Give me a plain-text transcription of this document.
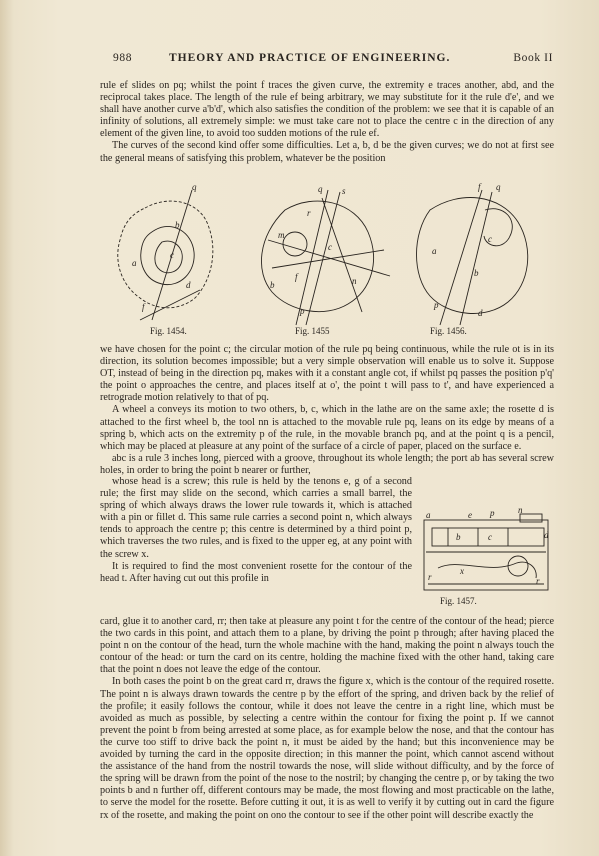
988	THEORY AND PRACTICE OF ENGINEERING.	Book II

rule ef slides on pq; whilst the point f traces the given curve, the extremity e traces another, abd, and the reciprocal takes place. The length of the rule ef being arbitrary, we may substitute for it the rule d'e', and we shall have another curve a'b'd', which also satisfies the condition of the problem: we see that it is capable of an infinity of solutions, all extremely simple: we must take care not to place the centre c in the direction of any element of the given line, to avoid too sudden motions of the rule ef.

The curves of the second kind offer some difficulties. Let a, b, d be the given curves; we do not at first see the general means of satisfying this problem, whatever be the position

q
b
c
a
d
f
q s
r
m
c
f
b	n
p
f q
a
c
b
p
d
Fig. 1454.	Fig. 1455	Fig. 1456.

we have chosen for the point c; the circular motion of the rule pq being continuous, while the rule ot is in its direction, its solution becomes impossible; but a very simple observation will enable us to solve it. Suppose OT, instead of being in the direction pq, makes with it a constant angle cot, if whilst pq passes the position p'q' the point o approaches the centre, and places itself at o', the point t will pass to t', and have experienced a retrograde motion relatively to that of pq.

A wheel a conveys its motion to two others, b, c, which in the lathe are on the same axle; the rosette d is attached to the first wheel b, the tool nn is attached to the movable rule pq, leans on its edge by means of a spring b, which acts on the extremity p of the rule, in the movable branch pq, and at the point q is a pencil, which may be placed at pleasure at any point of the surface of a circle of paper, placed on the surface e.

abc is a rule 3 inches long, pierced with a groove, throughout its whole length; the port ab has several screw holes, in order to bring the point b nearer or further,

whose head is a screw; this rule is held by the tenons e, g of a second rule; the first may slide on the second, which carries a small barrel, the spring of which always draws the lower rule towards it, which is attached with a pin or fillet d. This same rule carries a second point n, which always tends to approach the centre p; this centre is determined by a third point p, which traverses the two rules, and is fixed to the upper eg, at any point with the screw x.

It is required to find the most convenient rosette for the contour of the head t. After having cut out this profile in

a	e p	n
d
b	c
r
x
r
Fig. 1457.

card, glue it to another card, rr; then take at pleasure any point t for the centre of the contour of the head; pierce the two cards in this point, and attach them to a plane, by driving the point p through; after having placed the point n on the contour of the head, turn the whole machine with the hand, making the point n always touch the contour of the head: or turn the card on its centre, holding the machine fixed with the other hand, taking care that the point n does not leave the edge of the contour.

In both cases the point b on the great card rr, draws the figure x, which is the contour of the required rosette. The point n is always drawn towards the centre p by the effort of the spring, and driven back by the relief of the profile; it easily follows the contour, while it does not leave the centre in a right line, which must be avoided as much as possible, by selecting a centre within the contour for fixing the point p. If we cannot prevent the point b from being arrested at some place, as for example below the nose, and that the contour has the curve too stiff to drive back the point n, it must be aided by the hand; but this inconvenience may be avoided by turning the card in the opposite direction; in this manner the point, which cannot ascend without the assistance of the hand from the nostril towards the nose, will slide without difficulty, and by the force of the spring will be drawn from the point of the nose to the nostril; by changing the centre p, or by taking the two points b and n further off, different contours may be made, the most flowing and most practicable on the lathe, to serve the model for the rosette. Before cutting it out, it is as well to verify it by cutting out in card the figure rx of the rosette, and making the point on ono the contour to see if the other point will describe exactly the
